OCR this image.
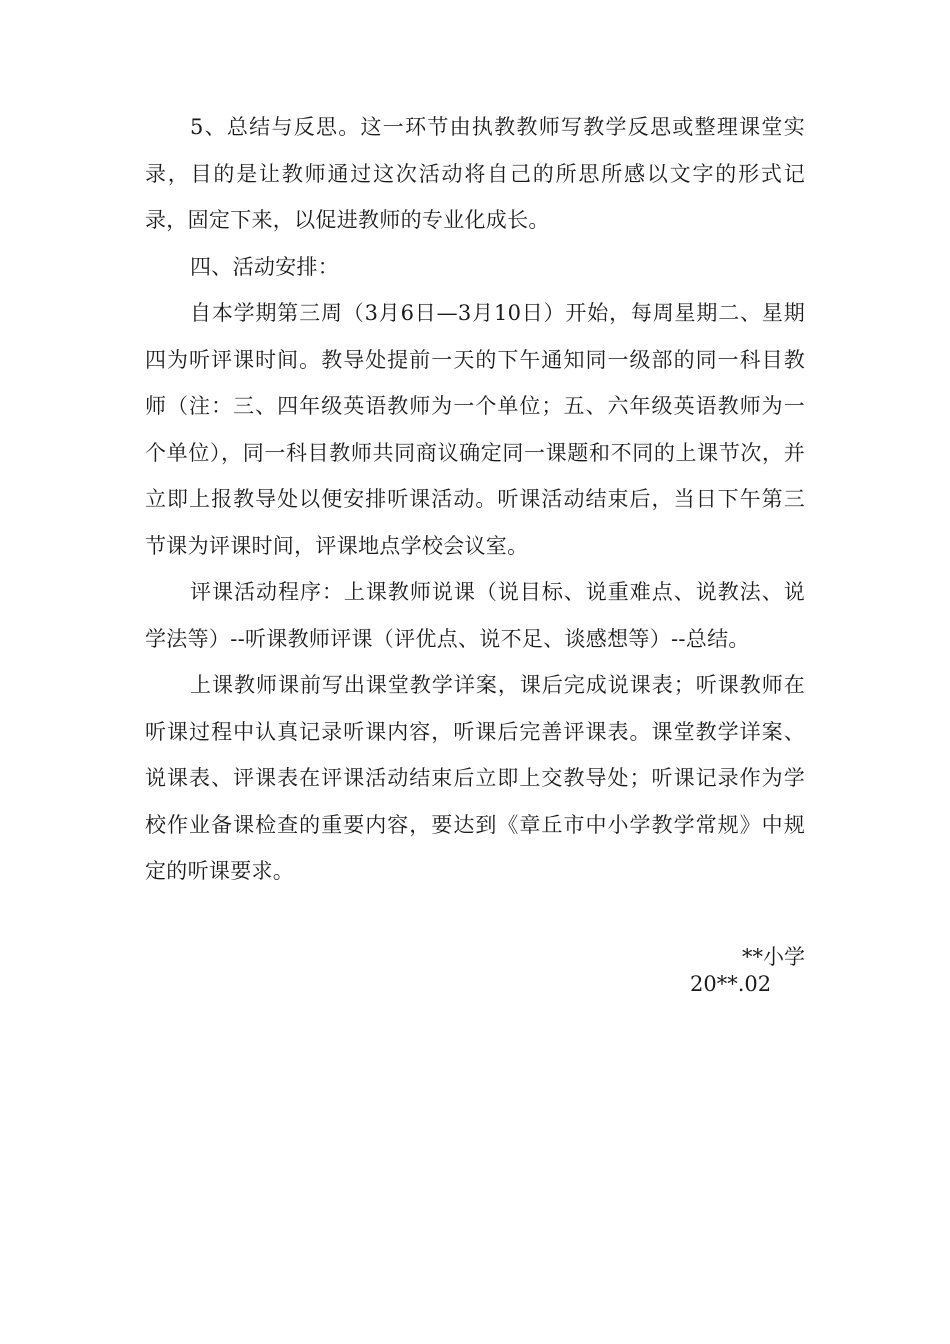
5、总结与反思。这一环节由执教教师写教学反思或整理课堂实录，目的是让教师通过这次活动将自己的所思所感以文字的形式记录，固定下来，以促进教师的专业化成长。

四、活动安排：

自本学期第三周（3月6日—3月10日）开始，每周星期二、星期四为听评课时间。教导处提前一天的下午通知同一级部的同一科目教师（注：三、四年级英语教师为一个单位；五、六年级英语教师为一个单位），同一科目教师共同商议确定同一课题和不同的上课节次，并立即上报教导处以便安排听课活动。听课活动结束后，当日下午第三节课为评课时间，评课地点学校会议室。

评课活动程序：上课教师说课（说目标、说重难点、说教法、说学法等）--听课教师评课（评优点、说不足、谈感想等）--总结。

上课教师课前写出课堂教学详案，课后完成说课表；听课教师在听课过程中认真记录听课内容，听课后完善评课表。课堂教学详案、说课表、评课表在评课活动结束后立即上交教导处；听课记录作为学校作业备课检查的重要内容，要达到《章丘市中小学教学常规》中规定的听课要求。

**小学
20**.02
